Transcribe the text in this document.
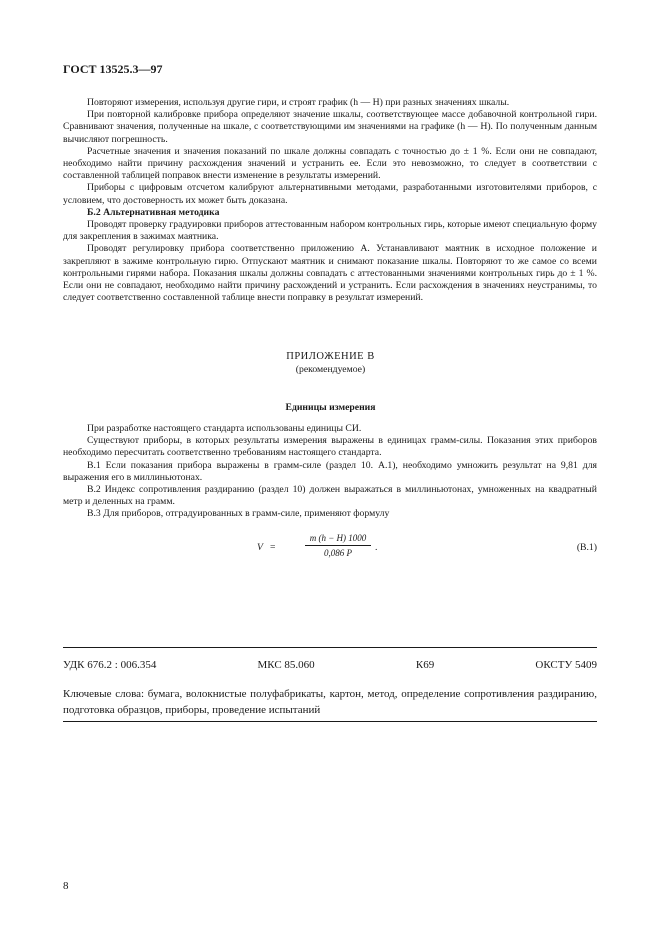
ГОСТ 13525.3—97

Повторяют измерения, используя другие гири, и строят график (h — H) при разных значениях шкалы.

При повторной калибровке прибора определяют значение шкалы, соответствующее массе добавочной контрольной гири. Сравнивают значения, полученные на шкале, с соответствующими им значениями на графике (h — H). По полученным данным вычисляют погрешность.

Расчетные значения и значения показаний по шкале должны совпадать с точностью до ± 1 %. Если они не совпадают, необходимо найти причину расхождения значений и устранить ее. Если это невозможно, то следует в соответствии с составленной таблицей поправок внести изменение в результаты измерений.

Приборы с цифровым отсчетом калибруют альтернативными методами, разработанными изготовителями приборов, с условием, что достоверность их может быть доказана.

Б.2 Альтернативная методика

Проводят проверку градуировки приборов аттестованным набором контрольных гирь, которые имеют специальную форму для закрепления в зажимах маятника.

Проводят регулировку прибора соответственно приложению А. Устанавливают маятник в исходное положение и закрепляют в зажиме контрольную гирю. Отпускают маятник и снимают показание шкалы. Повторяют то же самое со всеми контрольными гирями набора. Показания шкалы должны совпадать с аттестованными значениями контрольных гирь до ± 1 %. Если они не совпадают, необходимо найти причину расхождений и устранить. Если расхождения в значениях неустранимы, то следует соответственно составленной таблице внести поправку в результат измерений.

ПРИЛОЖЕНИЕ В
(рекомендуемое)
Единицы измерения

При разработке настоящего стандарта использованы единицы СИ.

Существуют приборы, в которых результаты измерения выражены в единицах грамм-силы. Показания этих приборов необходимо пересчитать соответственно требованиям настоящего стандарта.

В.1 Если показания прибора выражены в грамм-силе (раздел 10. А.1), необходимо умножить результат на 9,81 для выражения его в миллиньютонах.

В.2 Индекс сопротивления раздиранию (раздел 10) должен выражаться в миллиньютонах, умноженных на квадратный метр и деленных на грамм.

В.3 Для приборов, отградуированных в грамм-силе, применяют формулу

V =
m (h − H) 1000
0,086 P	.	(В.1)
УДК 676.2 : 006.354	МКС 85.060	К69	ОКСТУ 5409
Ключевые слова: бумага, волокнистые полуфабрикаты, картон, метод, определение сопротивления раздиранию, подготовка образцов, приборы, проведение испытаний
8
